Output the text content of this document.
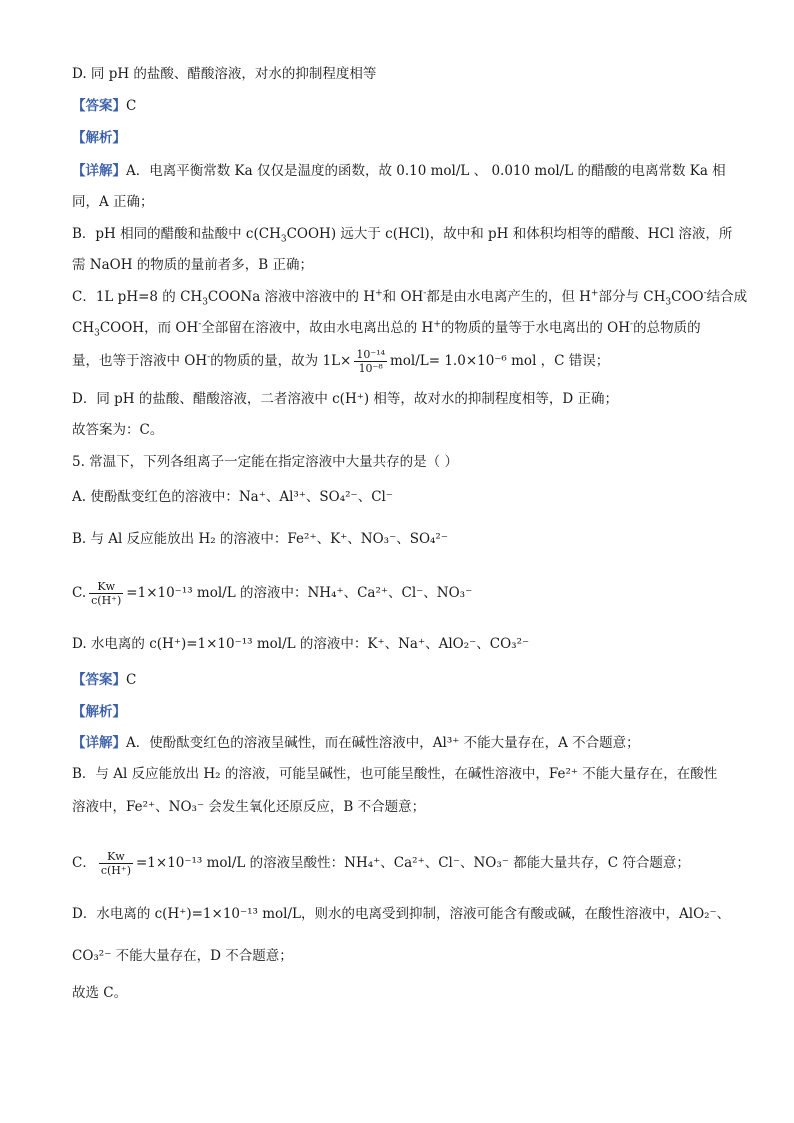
D. 同 pH 的盐酸、醋酸溶液，对水的抑制程度相等
【答案】C
【解析】
【详解】A．电离平衡常数 Ka 仅仅是温度的函数，故 0.10 mol/L 、 0.010 mol/L 的醋酸的电离常数 Ka 相
同，A 正确；
B．pH 相同的醋酸和盐酸中 $c(CH_3COOH)$ 远大于 c(HCl)，故中和 pH 和体积均相等的醋酸、HCl 溶液，所
需 NaOH 的物质的量前者多，B 正确；
C．1L pH=8 的 $CH_3COONa$ 溶液中溶液中的 H+和 OH-都是由水电离产生的，但 H+部分与 $CH_3COO^-$结合成
$CH_3COOH$，而 OH-全部留在溶液中，故由水电离出总的 H+的物质的量等于水电离出的 OH-的总物质的
量，也等于溶液中 OH-的物质的量，故为 $1L\times \frac{\text{10⁻¹⁴}}{\text{10⁻⁸}} mol/L= 1.0\times 10^{-6}$ mol ，C 错误；
D．同 pH 的盐酸、醋酸溶液，二者溶液中 c(H⁺) 相等，故对水的抑制程度相等，D 正确；
故答案为：C。
5. 常温下，下列各组离子一定能在指定溶液中大量共存的是（ ）
A. 使酚酞变红色的溶液中：Na⁺、Al³⁺、SO₄²⁻、Cl⁻
B. 与 Al 反应能放出 H₂ 的溶液中：Fe²⁺、K⁺、NO₃⁻、SO₄²⁻
C. $\frac{Kw}{c(H^+)} =1\times 10^{-13}$ mol/L 的溶液中：NH₄⁺、Ca²⁺、Cl⁻、NO₃⁻
D. 水电离的 c(H⁺)=1×10⁻¹³ mol/L 的溶液中：K⁺、Na⁺、AlO₂⁻、CO₃²⁻
【答案】C
【解析】
【详解】A．使酚酞变红色的溶液呈碱性，而在碱性溶液中，Al³⁺ 不能大量存在，A 不合题意；
B．与 Al 反应能放出 H₂ 的溶液，可能呈碱性，也可能呈酸性，在碱性溶液中，Fe²⁺ 不能大量存在，在酸性
溶液中，Fe²⁺、NO₃⁻ 会发生氧化还原反应，B 不合题意；
C． $\frac{Kw}{c(H^+)} =1\times 10^{-13}$ mol/L 的溶液呈酸性：NH₄⁺、Ca²⁺、Cl⁻、NO₃⁻ 都能大量共存，C 符合题意；
D．水电离的 c(H⁺)=1×10⁻¹³ mol/L，则水的电离受到抑制，溶液可能含有酸或碱，在酸性溶液中，AlO₂⁻、
CO₃²⁻ 不能大量存在，D 不合题意；
故选 C。
